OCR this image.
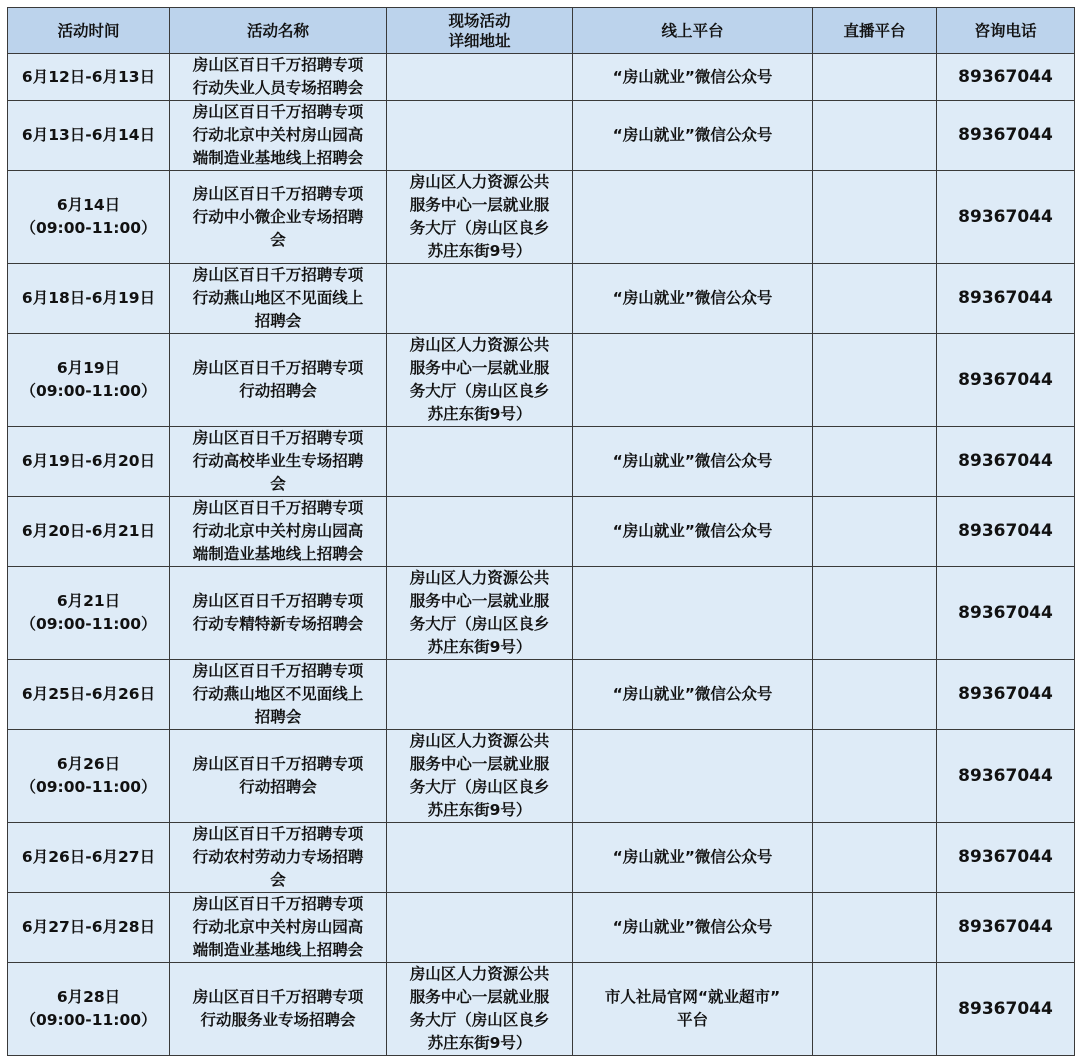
活动时间	活动名称	现场活动
详细地址	线上平台	直播平台	咨询电话
6月12日-6月13日	房山区百日千万招聘专项
行动失业人员专场招聘会		“房山就业”微信公众号		89367044
6月13日-6月14日	房山区百日千万招聘专项
行动北京中关村房山园高
端制造业基地线上招聘会		“房山就业”微信公众号		89367044
6月14日
（09:00-11:00）	房山区百日千万招聘专项
行动中小微企业专场招聘
会	房山区人力资源公共
服务中心一层就业服
务大厅（房山区良乡
苏庄东街9号）			89367044
6月18日-6月19日	房山区百日千万招聘专项
行动燕山地区不见面线上
招聘会		“房山就业”微信公众号		89367044
6月19日
（09:00-11:00）	房山区百日千万招聘专项
行动招聘会	房山区人力资源公共
服务中心一层就业服
务大厅（房山区良乡
苏庄东街9号）			89367044
6月19日-6月20日	房山区百日千万招聘专项
行动高校毕业生专场招聘
会		“房山就业”微信公众号		89367044
6月20日-6月21日	房山区百日千万招聘专项
行动北京中关村房山园高
端制造业基地线上招聘会		“房山就业”微信公众号		89367044
6月21日
（09:00-11:00）	房山区百日千万招聘专项
行动专精特新专场招聘会	房山区人力资源公共
服务中心一层就业服
务大厅（房山区良乡
苏庄东街9号）			89367044
6月25日-6月26日	房山区百日千万招聘专项
行动燕山地区不见面线上
招聘会		“房山就业”微信公众号		89367044
6月26日
（09:00-11:00）	房山区百日千万招聘专项
行动招聘会	房山区人力资源公共
服务中心一层就业服
务大厅（房山区良乡
苏庄东街9号）			89367044
6月26日-6月27日	房山区百日千万招聘专项
行动农村劳动力专场招聘
会		“房山就业”微信公众号		89367044
6月27日-6月28日	房山区百日千万招聘专项
行动北京中关村房山园高
端制造业基地线上招聘会		“房山就业”微信公众号		89367044
6月28日
（09:00-11:00）	房山区百日千万招聘专项
行动服务业专场招聘会	房山区人力资源公共
服务中心一层就业服
务大厅（房山区良乡
苏庄东街9号）	市人社局官网“就业超市”
平台		89367044
